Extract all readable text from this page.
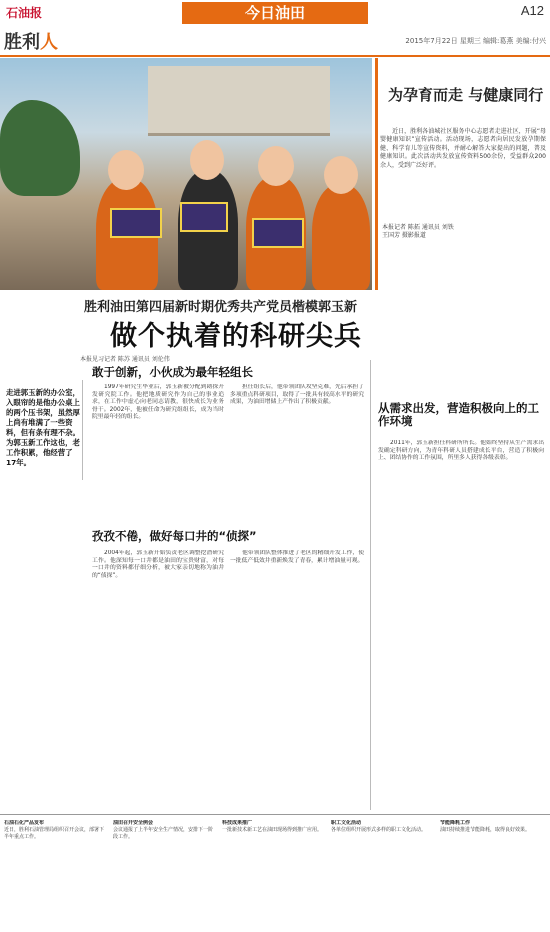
石油报	今日油田	A12
胜利人	2015年7月22日 星期三 编辑:葛燕 美编:付兴
为孕育而走 与健康同行
近日，胜利各油城社区服务中心志愿者走进社区，开展“母婴健康知识”宣传活动。活动现场，志愿者向居民发放孕期保健、科学育儿等宣传资料，并耐心解答大家提出的问题，普及健康知识。此次活动共发放宣传资料500余份，受益群众200余人，受到广泛好评。
本报记者 陈拓 通讯员 刘铁
王国芳 摄影报道
胜利油田第四届新时期优秀共产党员楷模郭玉新
做个执着的科研尖兵
本报见习记者 陈苏 通讯员 刘伦伟
走进郭玉新的办公室，入眼帘的是他办公桌上的两个压书架，虽然厚上尚有堆满了一些资料，但有条有理不杂。为郭玉新工作这也，老工作积累，他经营了17年。
敢于创新，小伙成为最年轻组长
1997年研究生毕业后，郭玉新被分配到勘探开发研究院工作。他把地质研究作为自己的事业追求，在工作中虚心向老同志请教，很快成长为业务骨干。2002年，他被任命为研究组组长，成为当时院里最年轻的组长。
担任组长后，他带领团队攻坚克难，先后承担了多项重点科研项目，取得了一批具有较高水平的研究成果，为油田增储上产作出了积极贡献。
孜孜不倦，做好每口井的“侦探”
2004年起，郭玉新开始负责老区调整挖潜研究工作。他深知每一口井都是油田的宝贵财富，对每一口井的资料都仔细分析，被大家亲切地称为油井的“侦探”。
他带领团队整体推进了老区的精细开发工作，使一批低产低效井重新焕发了青春，累计增油量可观。
从需求出发，营造积极向上的工作环境
2011年，郭玉新担任科研所所长。他始终坚持从生产需求出发确定科研方向，为青年科研人员搭建成长平台，营造了积极向上、团结协作的工作氛围，所里多人获得各级表彰。
石油石化产品发布
近日，胜利石油管理局组织召开会议，部署下半年重点工作。
油田召开安全例会
会议通报了上半年安全生产情况，安排下一阶段工作。
科技成果推广
一批新技术新工艺在油田现场得到推广应用。
职工文化活动
各单位组织开展形式多样的职工文化活动。
节能降耗工作
油田持续推进节能降耗，取得良好效果。
